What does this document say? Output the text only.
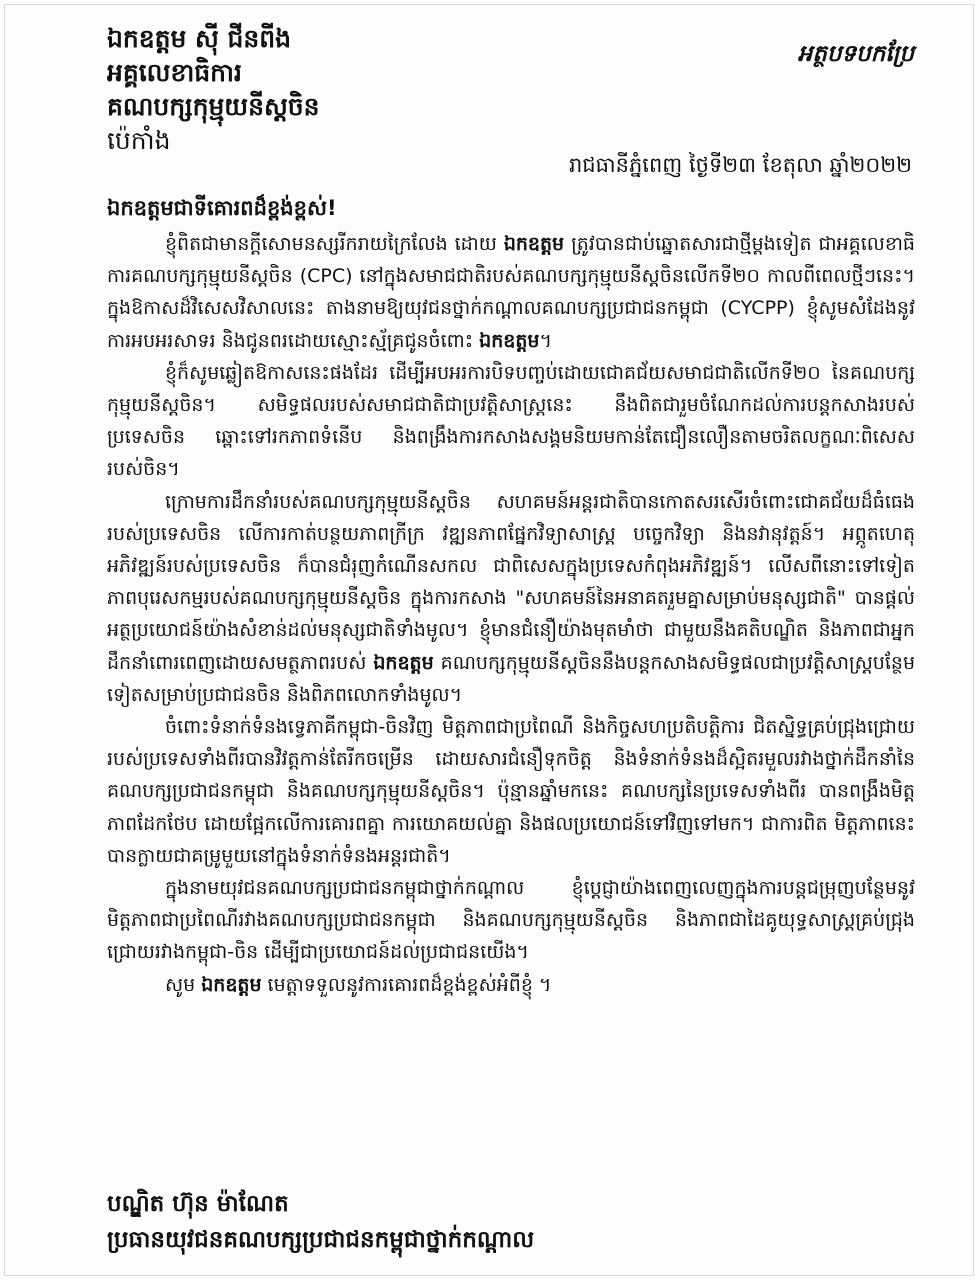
ឯកឧត្តម ស៊ី ជីនពីង

អគ្គលេខាធិការ

គណបក្សកុម្មុយនីស្តចិន

ប៉េកាំង

អត្ថបទបកប្រែ
រាជធានីភ្នំពេញ ថ្ងៃទី២៣ ខែតុលា ឆ្នាំ២០២២
ឯកឧត្តមជាទីគោរពដ៏ខ្ពង់ខ្ពស់!

ខ្ញុំពិតជាមានក្តីសោមនស្សរីករាយក្រៃលែង ដោយ ឯកឧត្តម ត្រូវបានជាប់ឆ្នោតសារជាថ្មីម្តងទៀត ជាអគ្គលេខាធិការគណបក្សកុម្មុយនីស្តចិន (CPC) នៅក្នុងសមាជជាតិរបស់គណបក្សកុម្មុយនីស្តចិនលើកទី២០ កាលពីពេលថ្មីៗនេះ។ ក្នុងឱកាសដ៏វិសេសវិសាលនេះ តាងនាមឱ្យយុវជនថ្នាក់កណ្តាលគណបក្សប្រជាជនកម្ពុជា (CYCPP) ខ្ញុំសូមសំដែងនូវការអបអរសាទរ និងជូនពរដោយស្មោះស្ម័គ្រជូនចំពោះ ឯកឧត្តម។

ខ្ញុំក៏សូមឆ្លៀតឱកាសនេះផងដែរ ដើម្បីអបអរការបិទបញ្ចប់ដោយជោគជ័យសមាជជាតិលើកទី២០ នៃគណបក្សកុម្មុយនីស្តចិន។ សមិទ្ធផលរបស់សមាជជាតិជាប្រវត្តិសាស្ត្រនេះ នឹងពិតជារួមចំណែកដល់ការបន្តកសាងរបស់ប្រទេសចិន ឆ្ពោះទៅរកភាពទំនើប និងពង្រឹងការកសាងសង្គមនិយមកាន់តែជឿនលឿនតាមចរិតលក្ខណៈពិសេសរបស់ចិន។

ក្រោមការដឹកនាំរបស់គណបក្សកុម្មុយនីស្តចិន សហគមន៍អន្តរជាតិបានកោតសរសើរចំពោះជោគជ័យដ៏ធំធេងរបស់ប្រទេសចិន លើការកាត់បន្ថយភាពក្រីក្រ វឌ្ឍនភាពផ្នែកវិទ្យាសាស្ត្រ បច្ចេកវិទ្យា និងនវានុវត្តន៍។ អព្ភូតហេតុអភិវឌ្ឍន៍របស់ប្រទេសចិន ក៏បានជំរុញកំណើនសកល ជាពិសេសក្នុងប្រទេសកំពុងអភិវឌ្ឍន៍។ លើសពីនោះទៅទៀត ភាពបុរេសកម្មរបស់គណបក្សកុម្មុយនីស្តចិន ក្នុងការកសាង "សហគមន៍នៃអនាគតរួមគ្នាសម្រាប់មនុស្សជាតិ" បានផ្តល់អត្ថប្រយោជន៍យ៉ាងសំខាន់ដល់មនុស្សជាតិទាំងមូល។ ខ្ញុំមានជំនឿយ៉ាងមុតមាំថា ជាមួយនឹងគតិបណ្ឌិត និងភាពជាអ្នកដឹកនាំពោរពេញដោយសមត្ថភាពរបស់ ឯកឧត្តម គណបក្សកុម្មុយនីស្តចិននឹងបន្តកសាងសមិទ្ធផលជាប្រវត្តិសាស្ត្របន្ថែមទៀតសម្រាប់ប្រជាជនចិន និងពិភពលោកទាំងមូល។

ចំពោះទំនាក់ទំនងទ្វេភាគីកម្ពុជា-ចិនវិញ មិត្តភាពជាប្រពៃណី និងកិច្ចសហប្រតិបត្តិការ ជិតស្និទ្ធគ្រប់ជ្រុងជ្រោយរបស់ប្រទេសទាំងពីរបានវិវត្តកាន់តែរីកចម្រើន ដោយសារជំនឿទុកចិត្ត និងទំនាក់ទំនងដ៏ស្អិតរមួលរវាងថ្នាក់ដឹកនាំនៃគណបក្សប្រជាជនកម្ពុជា និងគណបក្សកុម្មុយនីស្តចិន។ ប៉ុន្មានឆ្នាំមកនេះ គណបក្សនៃប្រទេសទាំងពីរ បានពង្រឹងមិត្តភាពដែកថែប ដោយផ្អែកលើការគោរពគ្នា ការយោគយល់គ្នា និងផលប្រយោជន៍ទៅវិញទៅមក។ ជាការពិត មិត្តភាពនេះ បានក្លាយជាគម្រូមួយនៅក្នុងទំនាក់ទំនងអន្តរជាតិ។

ក្នុងនាមយុវជនគណបក្សប្រជាជនកម្ពុជាថ្នាក់កណ្តាល ខ្ញុំប្តេជ្ញាយ៉ាងពេញលេញក្នុងការបន្តជម្រុញបន្ថែមនូវមិត្តភាពជាប្រពៃណីរវាងគណបក្សប្រជាជនកម្ពុជា និងគណបក្សកុម្មុយនីស្តចិន និងភាពជាដៃគូយុទ្ធសាស្ត្រគ្រប់ជ្រុងជ្រោយរវាងកម្ពុជា-ចិន ដើម្បីជាប្រយោជន៍ដល់ប្រជាជនយើង។

សូម ឯកឧត្តម មេត្តាទទួលនូវការគោរពដ៏ខ្ពង់ខ្ពស់អំពីខ្ញុំ ។

បណ្ឌិត ហ៊ុន ម៉ាណែត

ប្រធានយុវជនគណបក្សប្រជាជនកម្ពុជាថ្នាក់កណ្តាល
